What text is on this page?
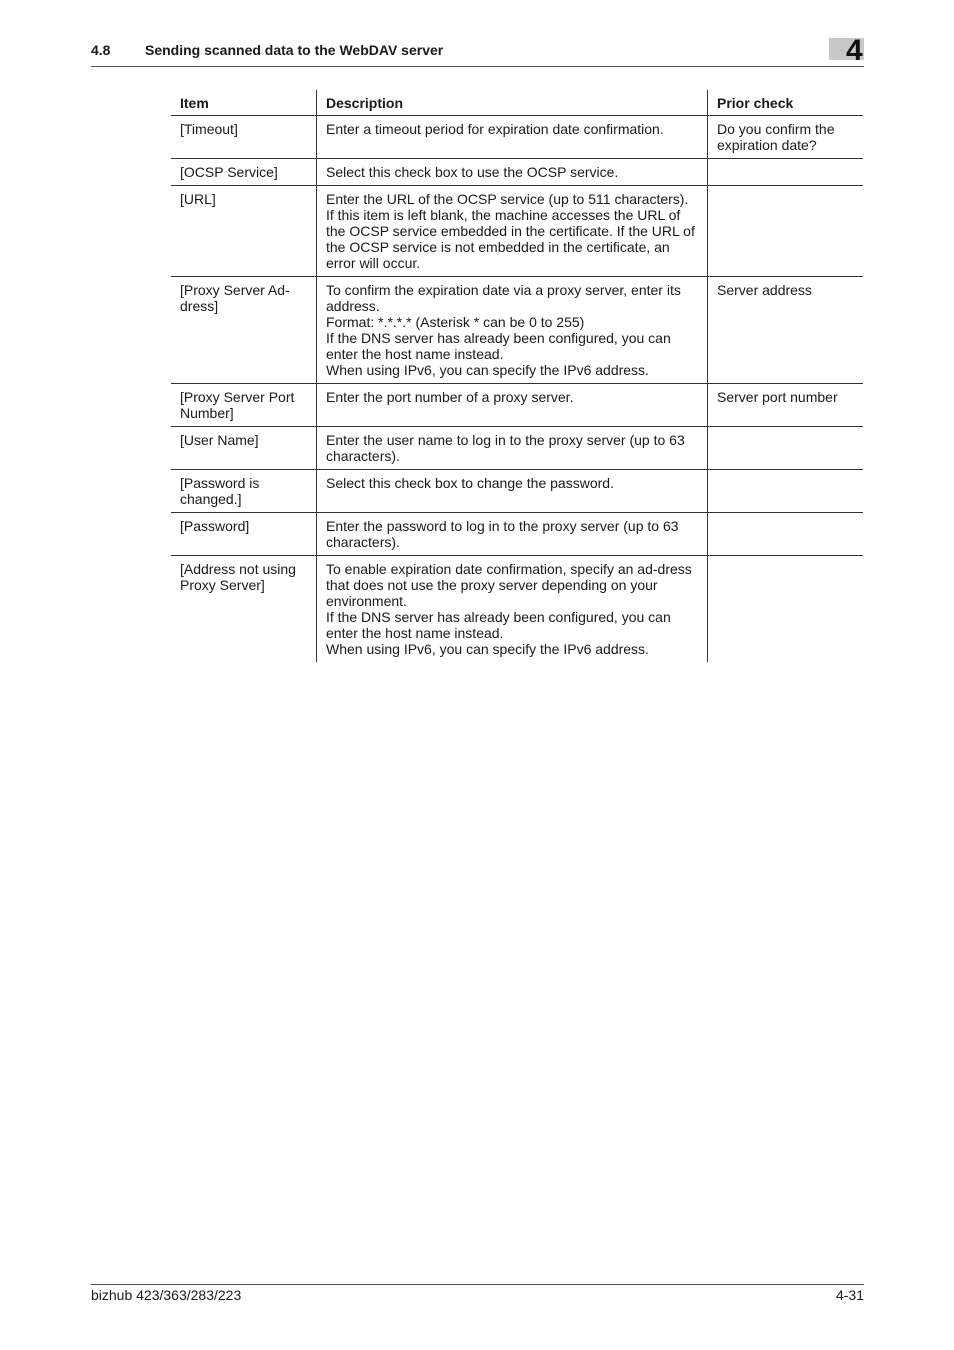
4.8 Sending scanned data to the WebDAV server	4
Item	Description	Prior check
[Timeout]	Enter a timeout period for expiration date confirmation.	Do you confirm the expiration date?
[OCSP Service]	Select this check box to use the OCSP service.	
[URL]	Enter the URL of the OCSP service (up to 511 characters). If this item is left blank, the machine accesses the URL of the OCSP service embedded in the certificate. If the URL of the OCSP service is not embedded in the certificate, an error will occur.	
[Proxy Server Ad-dress]	To confirm the expiration date via a proxy server, enter its address.
Format: *.*.*.* (Asterisk * can be 0 to 255)
If the DNS server has already been configured, you can enter the host name instead.
When using IPv6, you can specify the IPv6 address.	Server address
[Proxy Server Port Number]	Enter the port number of a proxy server.	Server port number
[User Name]	Enter the user name to log in to the proxy server (up to 63 characters).	
[Password is changed.]	Select this check box to change the password.	
[Password]	Enter the password to log in to the proxy server (up to 63 characters).	
[Address not using Proxy Server]	To enable expiration date confirmation, specify an ad-dress that does not use the proxy server depending on your environment.
If the DNS server has already been configured, you can enter the host name instead.
When using IPv6, you can specify the IPv6 address.	
bizhub 423/363/283/223	4-31
